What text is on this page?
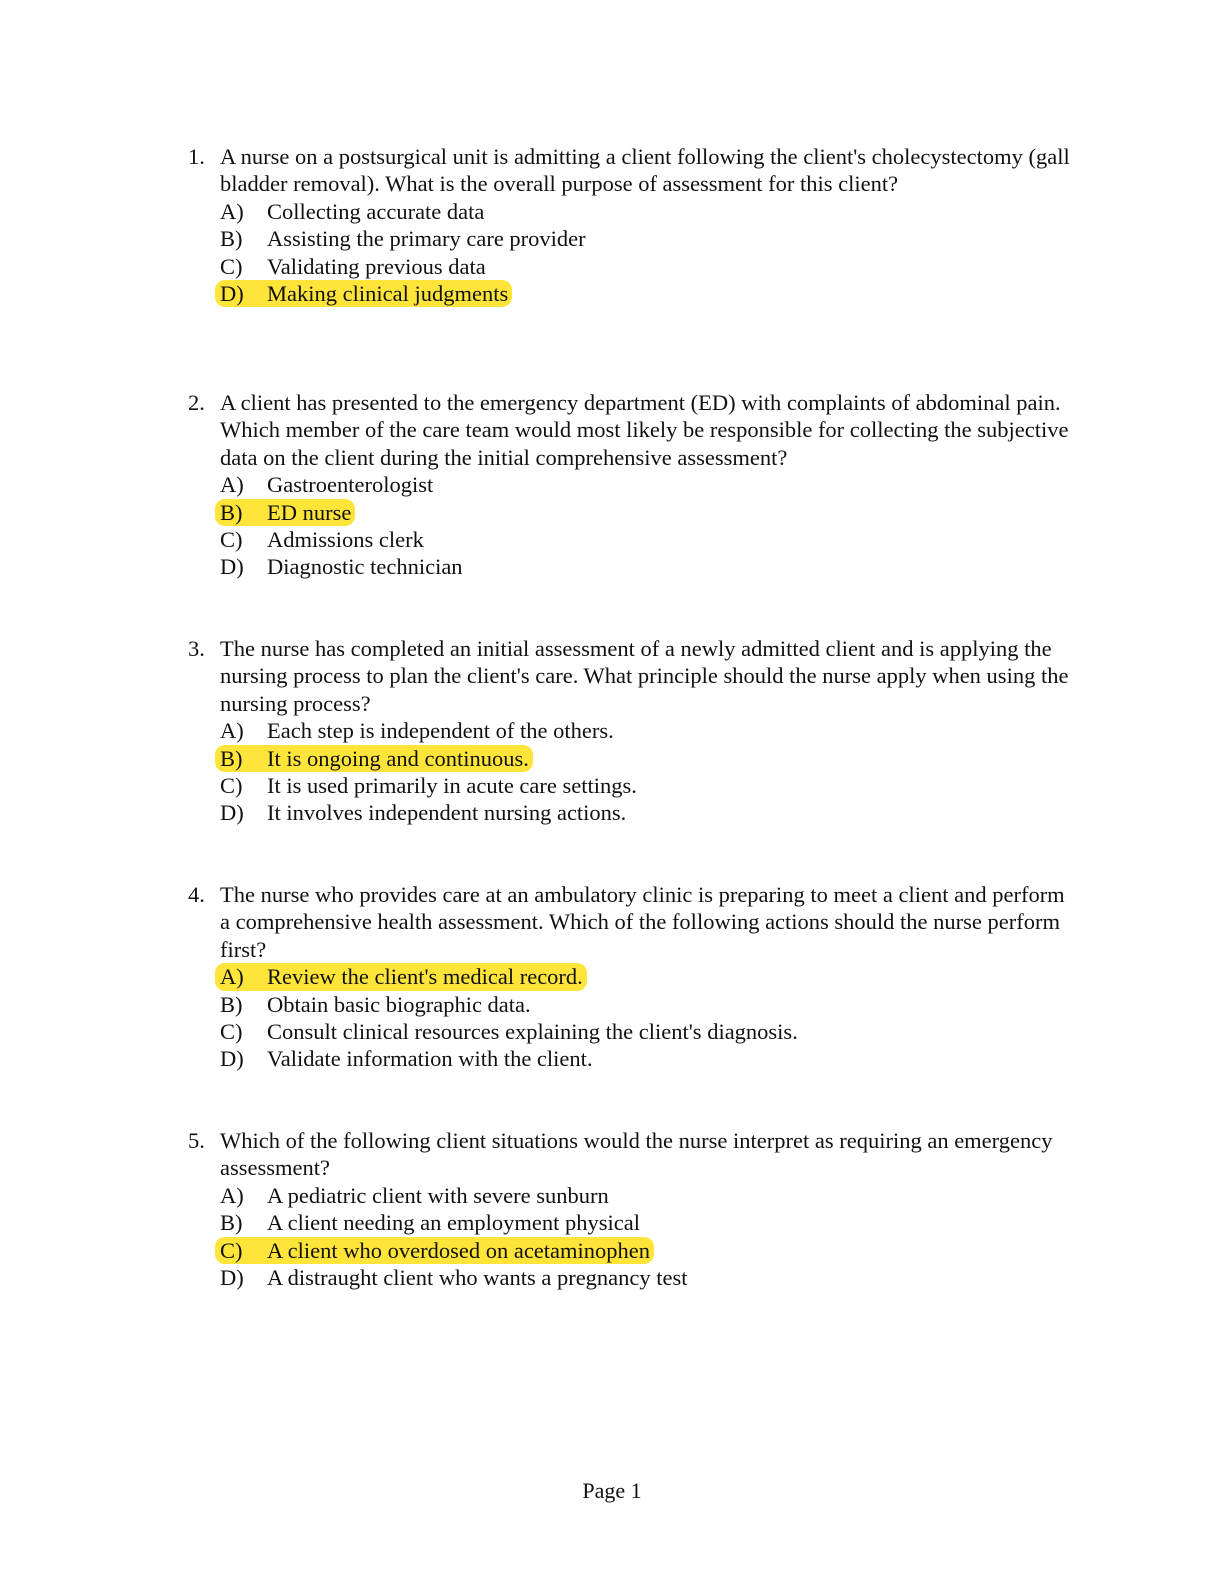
1. A nurse on a postsurgical unit is admitting a client following the client's cholecystectomy (gall bladder removal). What is the overall purpose of assessment for this client?

A) Collecting accurate data
B) Assisting the primary care provider
C) Validating previous data
D) Making clinical judgments

2. A client has presented to the emergency department (ED) with complaints of abdominal pain. Which member of the care team would most likely be responsible for collecting the subjective data on the client during the initial comprehensive assessment?

A) Gastroenterologist
B) ED nurse
C) Admissions clerk
D) Diagnostic technician

3. The nurse has completed an initial assessment of a newly admitted client and is applying the nursing process to plan the client's care. What principle should the nurse apply when using the nursing process?

A) Each step is independent of the others.
B) It is ongoing and continuous.
C) It is used primarily in acute care settings.
D) It involves independent nursing actions.

4. The nurse who provides care at an ambulatory clinic is preparing to meet a client and perform a comprehensive health assessment. Which of the following actions should the nurse perform first?

A) Review the client's medical record.
B) Obtain basic biographic data.
C) Consult clinical resources explaining the client's diagnosis.
D) Validate information with the client.

5. Which of the following client situations would the nurse interpret as requiring an emergency assessment?

A) A pediatric client with severe sunburn
B) A client needing an employment physical
C) A client who overdosed on acetaminophen
D) A distraught client who wants a pregnancy test
Page 1
